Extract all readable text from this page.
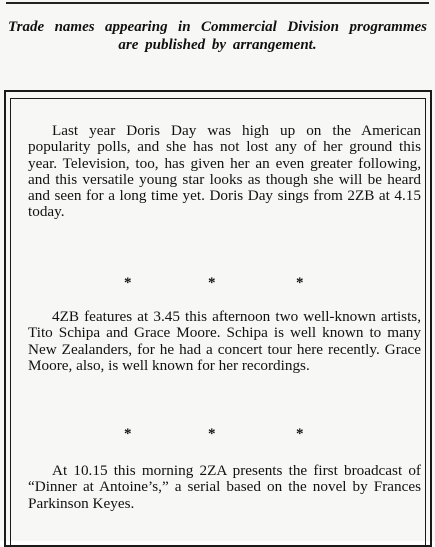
Trade names appearing in Commercial Division programmes are published by arrangement.

Last year Doris Day was high up on the American popularity polls, and she has not lost any of her ground this year. Television, too, has given her an even greater following, and this versatile young star looks as though she will be heard and seen for a long time yet. Doris Day sings from 2ZB at 4.15 today.

*	*	*

4ZB features at 3.45 this afternoon two well-known artists, Tito Schipa and Grace Moore. Schipa is well known to many New Zealanders, for he had a concert tour here recently. Grace Moore, also, is well known for her recordings.

*	*	*

At 10.15 this morning 2ZA presents the first broadcast of “Dinner at Antoine’s,” a serial based on the novel by Frances Parkinson Keyes.
